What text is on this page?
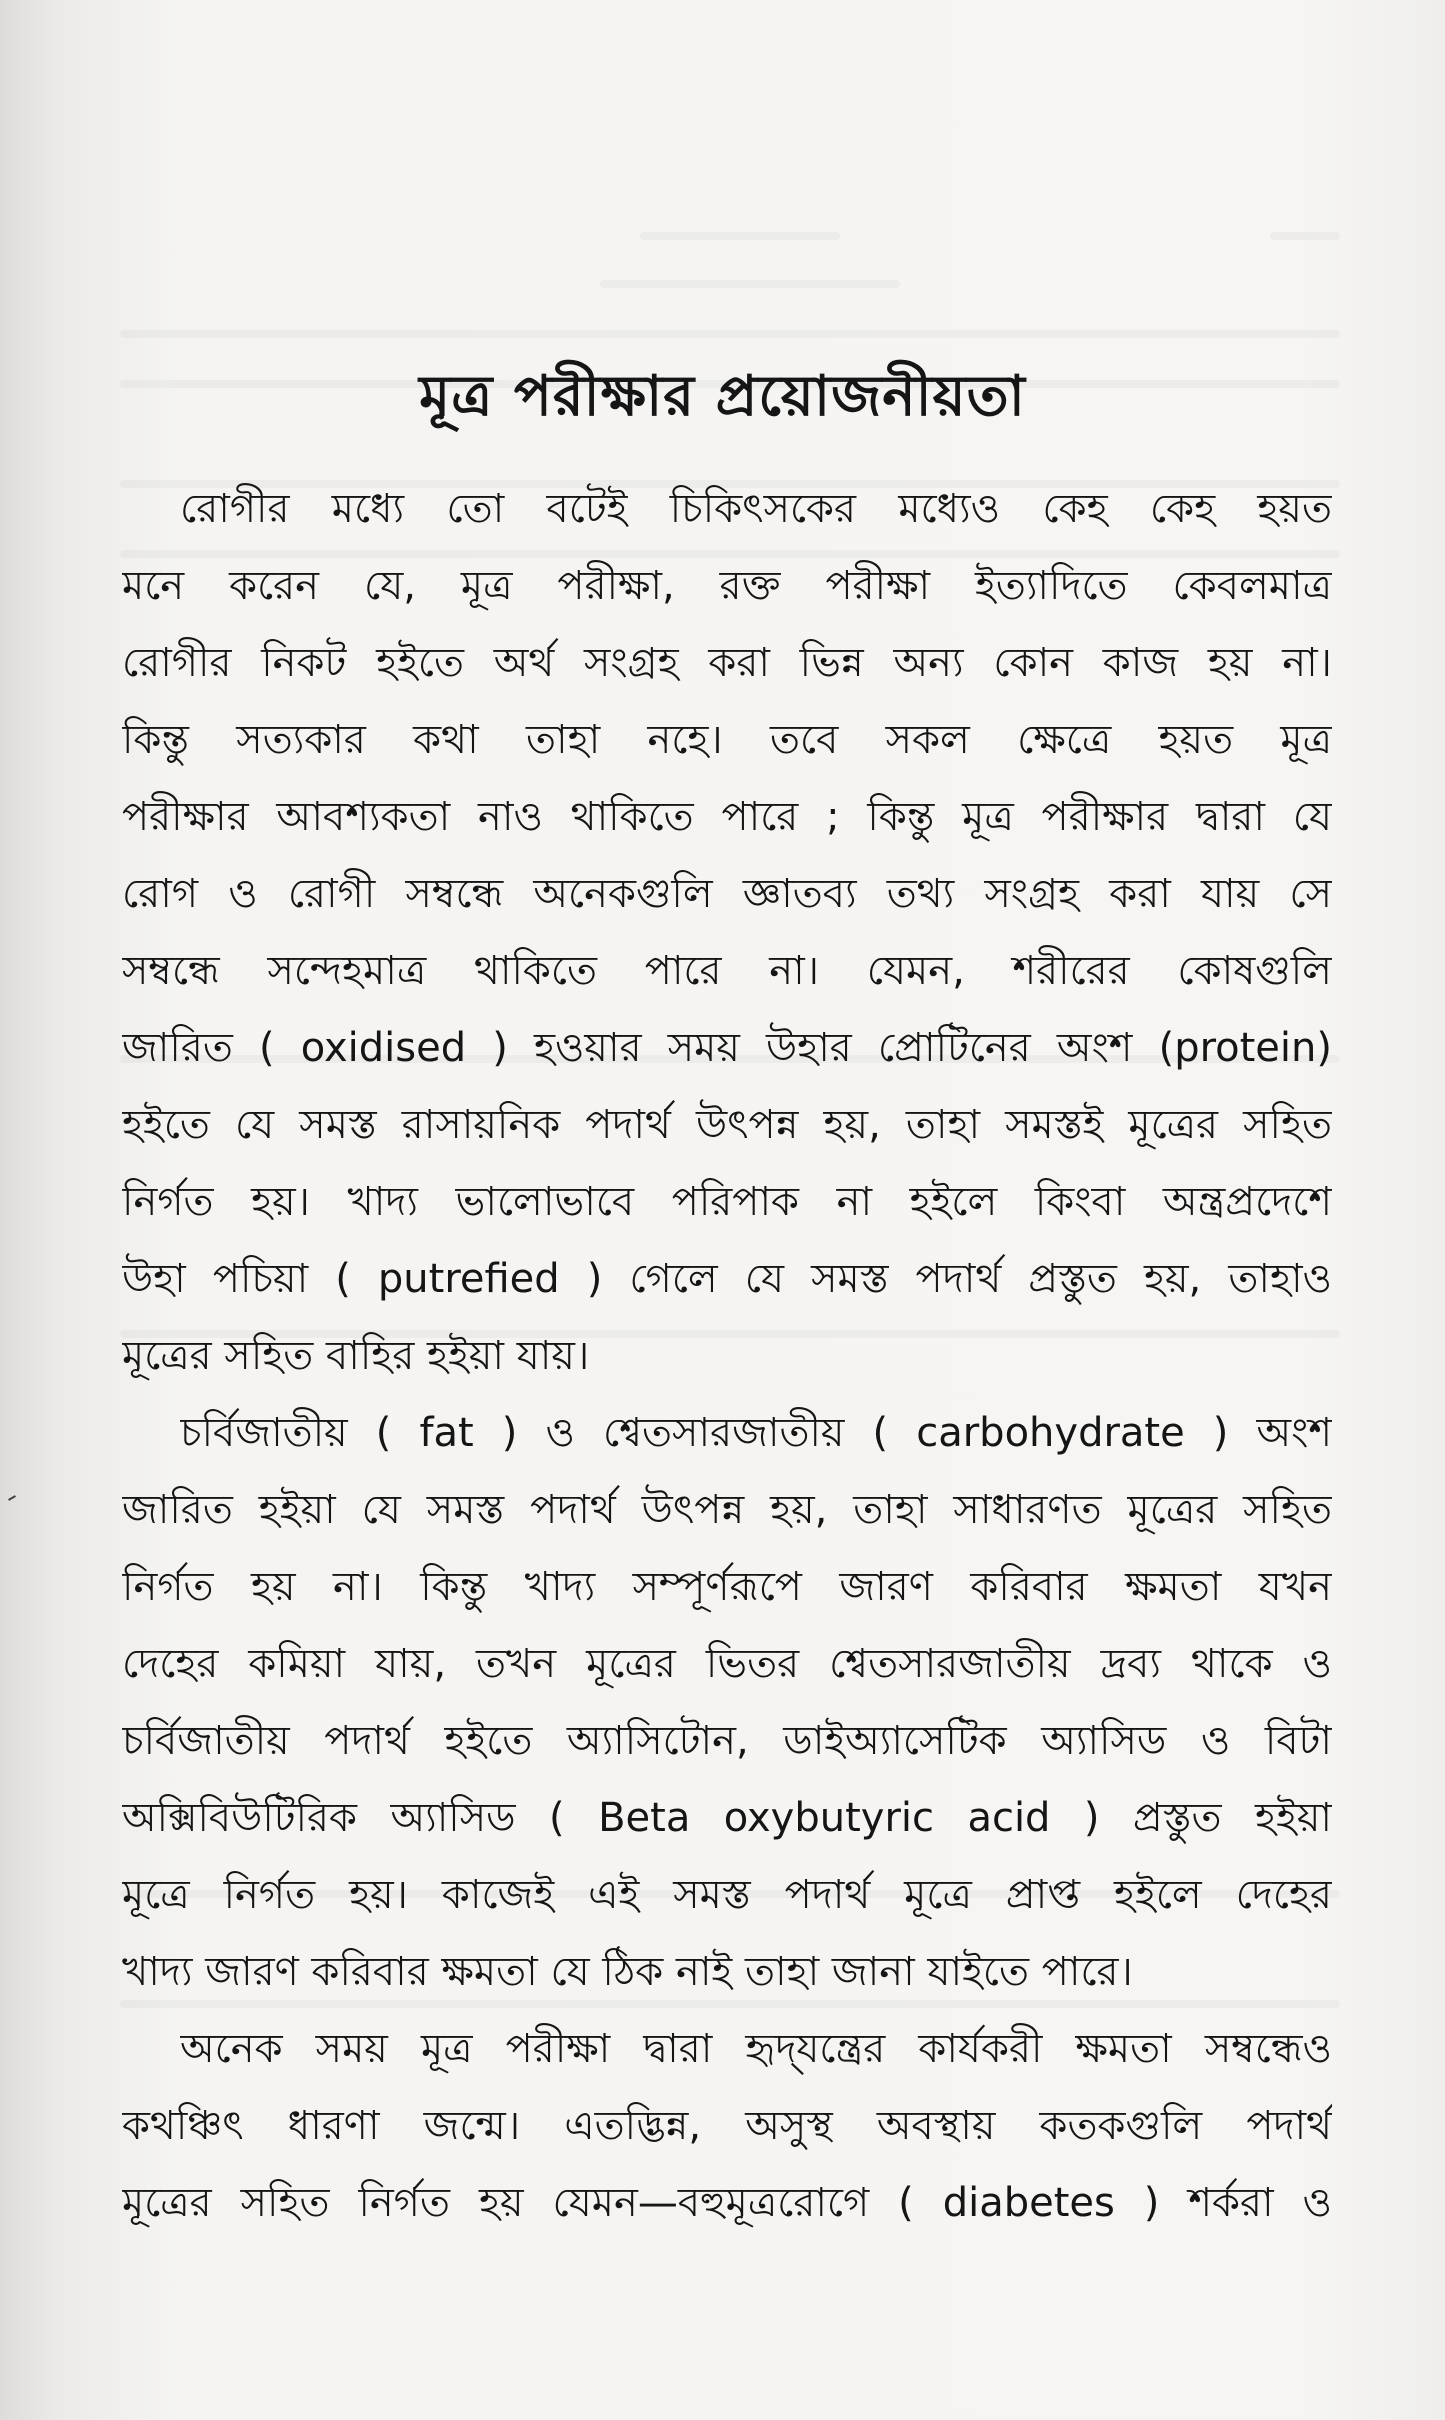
মূত্র পরীক্ষার প্রয়োজনীয়তা
রোগীর মধ্যে তো বটেই চিকিৎসকের মধ্যেও কেহ কেহ হয়ত
মনে করেন যে, মূত্র পরীক্ষা, রক্ত পরীক্ষা ইত্যাদিতে কেবলমাত্র
রোগীর নিকট হইতে অর্থ সংগ্রহ করা ভিন্ন অন্য কোন কাজ হয় না।
কিন্তু সত্যকার কথা তাহা নহে। তবে সকল ক্ষেত্রে হয়ত মূত্র
পরীক্ষার আবশ্যকতা নাও থাকিতে পারে ; কিন্তু মূত্র পরীক্ষার দ্বারা যে
রোগ ও রোগী সম্বন্ধে অনেকগুলি জ্ঞাতব্য তথ্য সংগ্রহ করা যায় সে
সম্বন্ধে সন্দেহমাত্র থাকিতে পারে না। যেমন, শরীরের কোষগুলি
জারিত ( oxidised ) হওয়ার সময় উহার প্রোটিনের অংশ (protein)
হইতে যে সমস্ত রাসায়নিক পদার্থ উৎপন্ন হয়, তাহা সমস্তই মূত্রের সহিত
নির্গত হয়। খাদ্য ভালোভাবে পরিপাক না হইলে কিংবা অন্ত্রপ্রদেশে
উহা পচিয়া ( putrefied ) গেলে যে সমস্ত পদার্থ প্রস্তুত হয়, তাহাও
মূত্রের সহিত বাহির হইয়া যায়।
চর্বিজাতীয় ( fat ) ও শ্বেতসারজাতীয় ( carbohydrate ) অংশ
জারিত হইয়া যে সমস্ত পদার্থ উৎপন্ন হয়, তাহা সাধারণত মূত্রের সহিত
নির্গত হয় না। কিন্তু খাদ্য সম্পূর্ণরূপে জারণ করিবার ক্ষমতা যখন
দেহের কমিয়া যায়, তখন মূত্রের ভিতর শ্বেতসারজাতীয় দ্রব্য থাকে ও
চর্বিজাতীয় পদার্থ হইতে অ্যাসিটোন, ডাইঅ্যাসেটিক অ্যাসিড ও বিটা
অক্সিবিউটিরিক অ্যাসিড ( Beta oxybutyric acid ) প্রস্তুত হইয়া
মূত্রে নির্গত হয়। কাজেই এই সমস্ত পদার্থ মূত্রে প্রাপ্ত হইলে দেহের
খাদ্য জারণ করিবার ক্ষমতা যে ঠিক নাই তাহা জানা যাইতে পারে।
অনেক সময় মূত্র পরীক্ষা দ্বারা হৃদ্‌যন্ত্রের কার্যকরী ক্ষমতা সম্বন্ধেও
কথঞ্চিৎ ধারণা জন্মে। এতদ্ভিন্ন, অসুস্থ অবস্থায় কতকগুলি পদার্থ
মূত্রের সহিত নির্গত হয় যেমন—বহুমূত্ররোগে ( diabetes ) শর্করা ও
